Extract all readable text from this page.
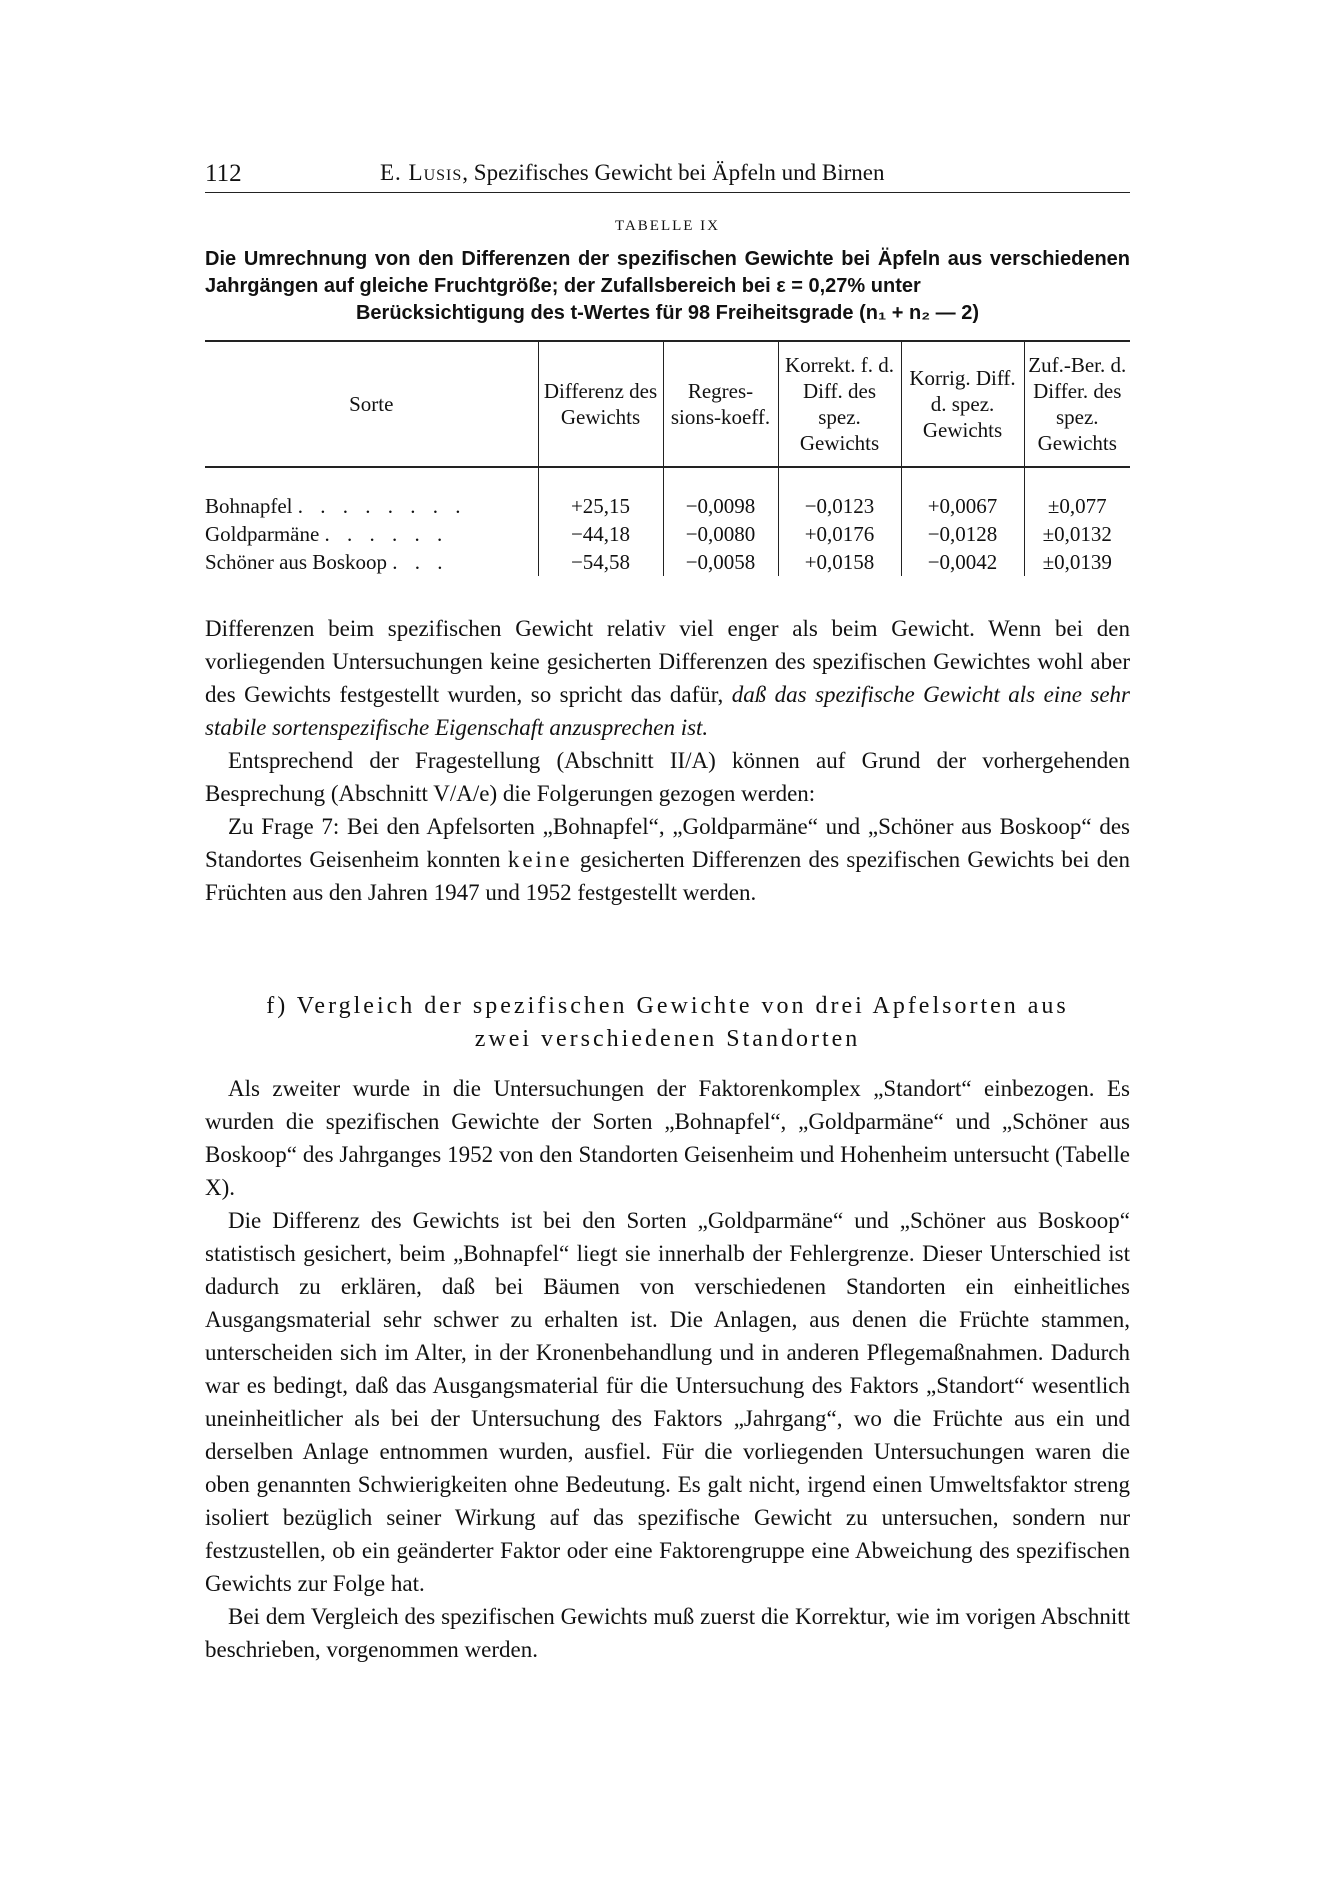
112	E. Lusis, Spezifisches Gewicht bei Äpfeln und Birnen
TABELLE IX
Die Umrechnung von den Differenzen der spezifischen Gewichte bei Äpfeln aus verschiedenen Jahrgängen auf gleiche Fruchtgröße; der Zufallsbereich bei ε = 0,27% unter
Berücksichtigung des t-Wertes für 98 Freiheitsgrade (n₁ + n₂ — 2)
Sorte	Differenz des Gewichts	Regres-sions-koeff.	Korrekt. f. d. Diff. des spez. Gewichts	Korrig. Diff. d. spez. Gewichts	Zuf.-Ber. d. Differ. des spez. Gewichts
Bohnapfel . . . . . . . .	+25,15	−0,0098	−0,0123	+0,0067	±0,077
Goldparmäne . . . . . .	−44,18	−0,0080	+0,0176	−0,0128	±0,0132
Schöner aus Boskoop . . .	−54,58	−0,0058	+0,0158	−0,0042	±0,0139

Differenzen beim spezifischen Gewicht relativ viel enger als beim Gewicht. Wenn bei den vorliegenden Untersuchungen keine gesicherten Differenzen des spezifischen Gewichtes wohl aber des Gewichts festgestellt wurden, so spricht das dafür, daß das spezifische Gewicht als eine sehr stabile sortenspezifische Eigenschaft anzusprechen ist.

Entsprechend der Fragestellung (Abschnitt II/A) können auf Grund der vorhergehenden Besprechung (Abschnitt V/A/e) die Folgerungen gezogen werden:

Zu Frage 7: Bei den Apfelsorten „Bohnapfel“, „Goldparmäne“ und „Schöner aus Boskoop“ des Standortes Geisenheim konnten keine gesicherten Differenzen des spezifischen Gewichts bei den Früchten aus den Jahren 1947 und 1952 festgestellt werden.

f) Vergleich der spezifischen Gewichte von drei Apfelsorten aus
zwei verschiedenen Standorten

Als zweiter wurde in die Untersuchungen der Faktorenkomplex „Standort“ einbezogen. Es wurden die spezifischen Gewichte der Sorten „Bohnapfel“, „Goldparmäne“ und „Schöner aus Boskoop“ des Jahrganges 1952 von den Standorten Geisenheim und Hohenheim untersucht (Tabelle X).

Die Differenz des Gewichts ist bei den Sorten „Goldparmäne“ und „Schöner aus Boskoop“ statistisch gesichert, beim „Bohnapfel“ liegt sie innerhalb der Fehlergrenze. Dieser Unterschied ist dadurch zu erklären, daß bei Bäumen von verschiedenen Standorten ein einheitliches Ausgangsmaterial sehr schwer zu erhalten ist. Die Anlagen, aus denen die Früchte stammen, unterscheiden sich im Alter, in der Kronenbehandlung und in anderen Pflegemaßnahmen. Dadurch war es bedingt, daß das Ausgangsmaterial für die Untersuchung des Faktors „Standort“ wesentlich uneinheitlicher als bei der Untersuchung des Faktors „Jahrgang“, wo die Früchte aus ein und derselben Anlage entnommen wurden, ausfiel. Für die vorliegenden Untersuchungen waren die oben genannten Schwierigkeiten ohne Bedeutung. Es galt nicht, irgend einen Umweltsfaktor streng isoliert bezüglich seiner Wirkung auf das spezifische Gewicht zu untersuchen, sondern nur festzustellen, ob ein geänderter Faktor oder eine Faktorengruppe eine Abweichung des spezifischen Gewichts zur Folge hat.

Bei dem Vergleich des spezifischen Gewichts muß zuerst die Korrektur, wie im vorigen Abschnitt beschrieben, vorgenommen werden.
